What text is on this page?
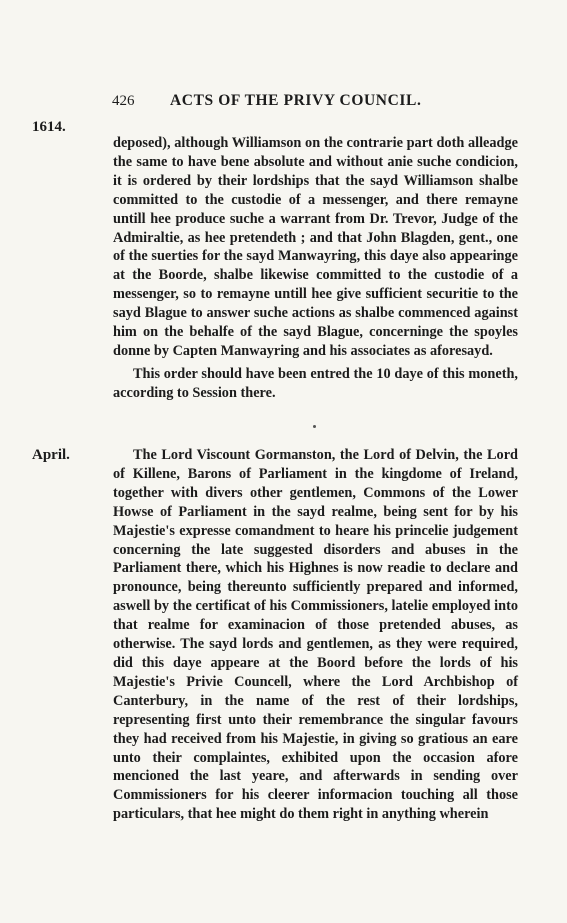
426	ACTS OF THE PRIVY COUNCIL.
1614.
April.

deposed), although Williamson on the contrarie part doth alleadge the same to have bene absolute and without anie suche condicion, it is ordered by their lordships that the sayd Williamson shalbe committed to the custodie of a messenger, and there remayne untill hee produce suche a warrant from Dr. Trevor, Judge of the Admiraltie, as hee pretendeth ; and that John Blagden, gent., one of the suerties for the sayd Manwayring, this daye also appearinge at the Boorde, shalbe likewise committed to the custodie of a messenger, so to remayne untill hee give sufficient securitie to the sayd Blague to answer suche actions as shalbe commenced against him on the behalfe of the sayd Blague, concerninge the spoyles donne by Capten Manwayring and his associates as aforesayd.

This order should have been entred the 10 daye of this moneth, according to Session there.

The Lord Viscount Gormanston, the Lord of Delvin, the Lord of Killene, Barons of Parliament in the kingdome of Ireland, together with divers other gentlemen, Commons of the Lower Howse of Parliament in the sayd realme, being sent for by his Majestie's expresse comandment to heare his princelie judgement concerning the late suggested disorders and abuses in the Parliament there, which his Highnes is now readie to declare and pronounce, being thereunto sufficiently prepared and informed, aswell by the certificat of his Commissioners, latelie employed into that realme for examinacion of those pretended abuses, as otherwise. The sayd lords and gentlemen, as they were required, did this daye appeare at the Boord before the lords of his Majestie's Privie Councell, where the Lord Archbishop of Canterbury, in the name of the rest of their lordships, representing first unto their remembrance the singular favours they had received from his Majestie, in giving so gratious an eare unto their complaintes, exhibited upon the occasion afore mencioned the last yeare, and afterwards in sending over Commissioners for his cleerer informacion touching all those particulars, that hee might do them right in anything wherein
